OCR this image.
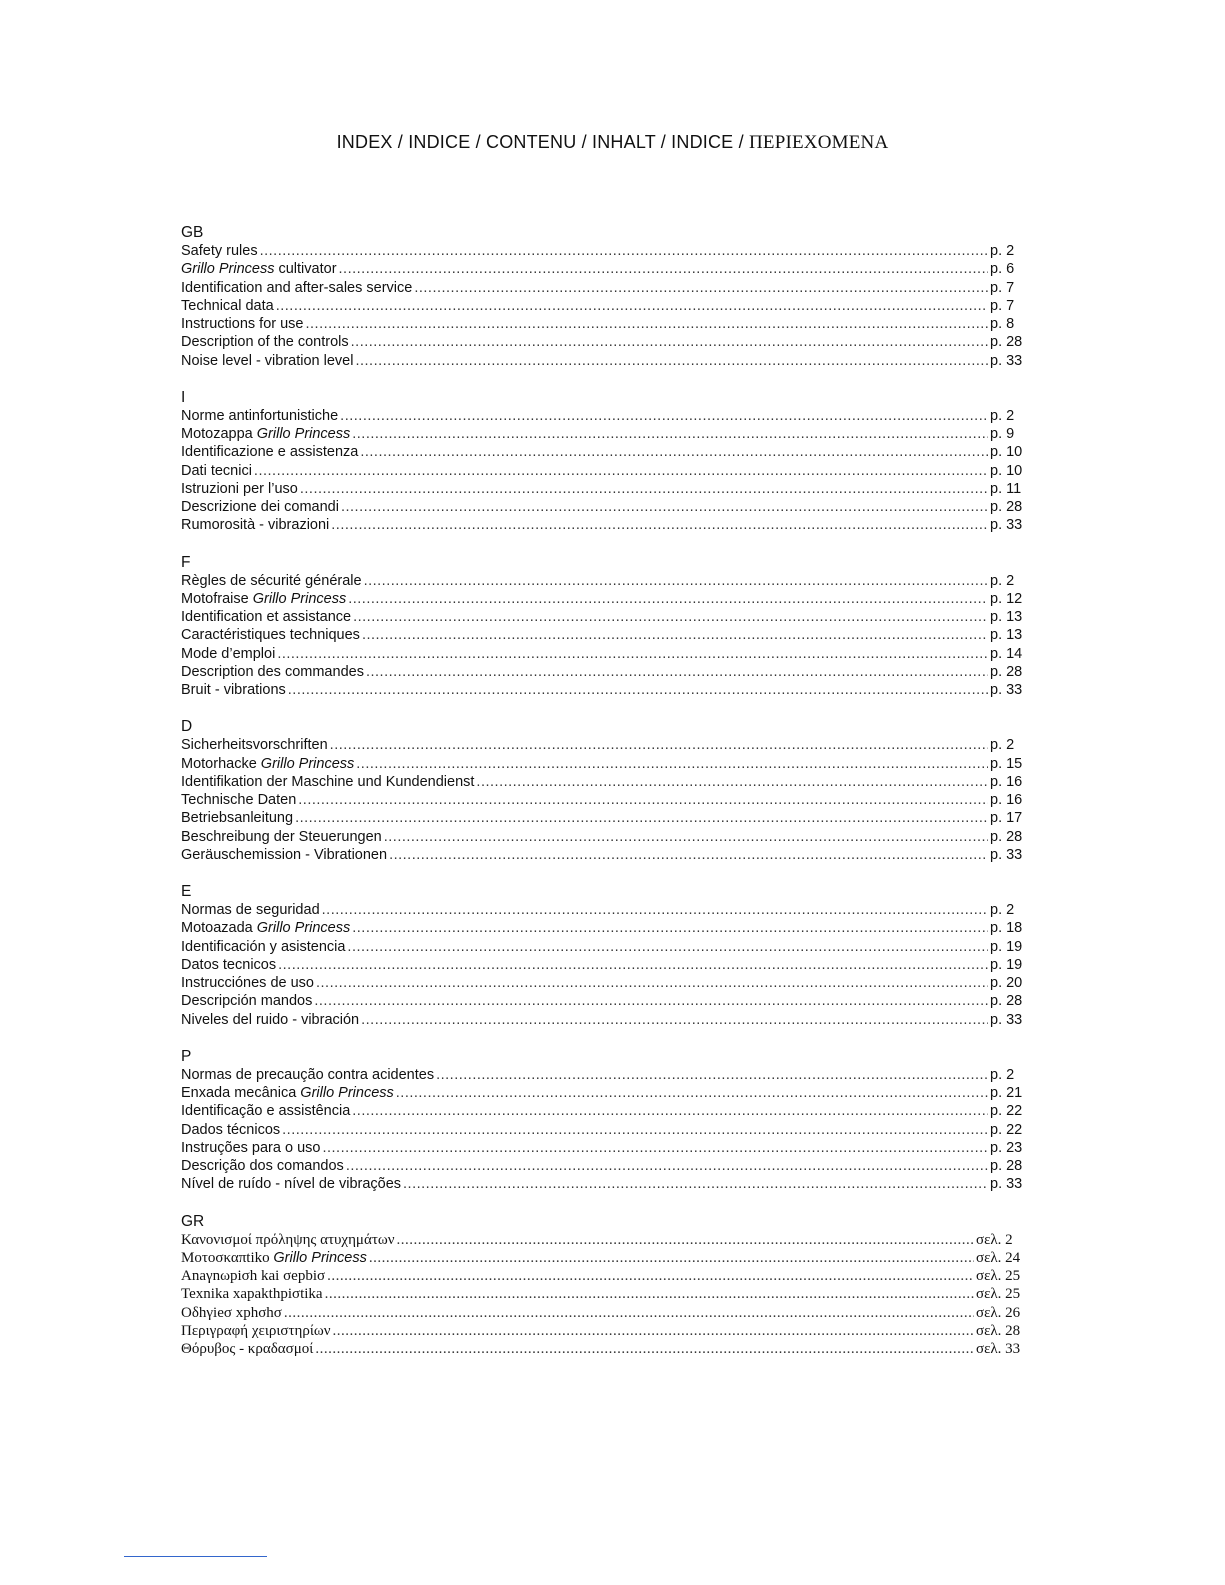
INDEX / INDICE / CONTENU / INHALT / INDICE / ΠΕΡΙΕΧΟΜΕΝΑ
GB
Safety rules .....	p. 2
Grillo Princess cultivator .....	p. 6
Identification and after-sales service .....	p. 7
Technical data .....	p. 7
Instructions for use .....	p. 8
Description of the controls .....	p. 28
Noise level - vibration level .....	p. 33
I
Norme antinfortunistiche .....	p. 2
Motozappa Grillo Princess .....	p. 9
Identificazione e assistenza .....	p. 10
Dati tecnici .....	p. 10
Istruzioni per l’uso .....	p. 11
Descrizione dei comandi .....	p. 28
Rumorosità - vibrazioni .....	p. 33
F
Règles de sécurité générale .....	p. 2
Motofraise Grillo Princess .....	p. 12
Identification et assistance .....	p. 13
Caractéristiques techniques .....	p. 13
Mode d’emploi .....	p. 14
Description des commandes .....	p. 28
Bruit - vibrations .....	p. 33
D
Sicherheitsvorschriften .....	p. 2
Motorhacke Grillo Princess .....	p. 15
Identifikation der Maschine und Kundendienst .....	p. 16
Technische Daten .....	p. 16
Betriebsanleitung .....	p. 17
Beschreibung der Steuerungen .....	p. 28
Geräuschemission - Vibrationen .....	p. 33
E
Normas de seguridad .....	p. 2
Motoazada Grillo Princess .....	p. 18
Identificación y asistencia .....	p. 19
Datos tecnicos .....	p. 19
Instrucciónes de uso .....	p. 20
Descripción mandos .....	p. 28
Niveles del ruido - vibración .....	p. 33
P
Normas de precaução contra acidentes .....	p. 2
Enxada mecânica Grillo Princess .....	p. 21
Identificação e assistência .....	p. 22
Dados técnicos .....	p. 22
Instruções para o uso .....	p. 23
Descrição dos comandos .....	p. 28
Nível de ruído - nível de vibrações .....	p. 33
GR
Κανονισμοί πρόληψης ατυχημάτων .....	σελ. 2
Mοτοσκαπtiko Grillo Princess .....	σελ. 24
Anaγnωpiσh kai σepbiσ .....	σελ. 25
Texnika xapakthpiσtika .....	σελ. 25
Oδhγieσ xphσhσ .....	σελ. 26
Περιγραφή χειριστηρίων .....	σελ. 28
Θόρυβος - κραδασμοί .....	σελ. 33
